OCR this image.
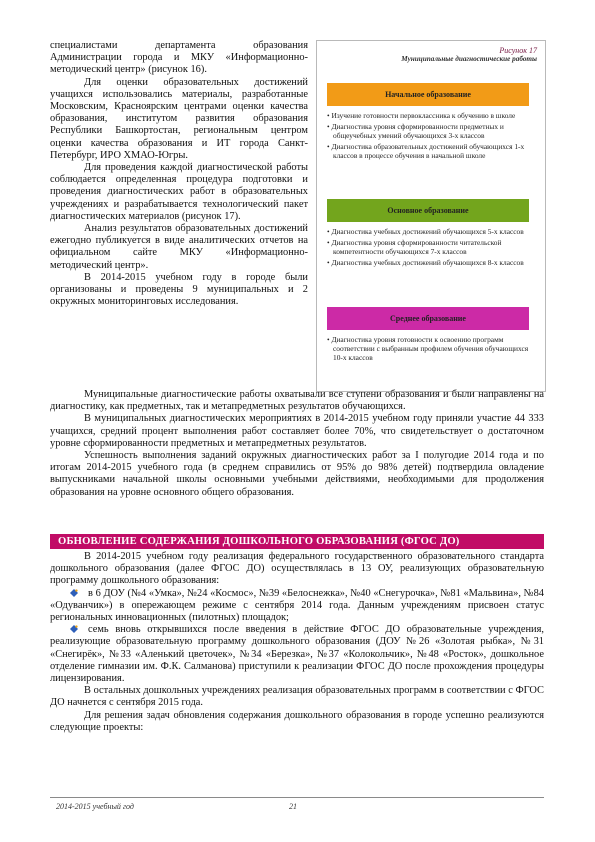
специалистами департамента образования Администрации города и МКУ «Информационно-методический центр» (рисунок 16).

Для оценки образовательных достижений учащихся использовались материалы, разработанные Московским, Красноярским центрами оценки качества образования, институтом развития образования Республики Башкортостан, региональным центром оценки качества образования и ИТ города Санкт-Петербург, ИРО ХМАО-Югры.

Для проведения каждой диагностической работы соблюдается определенная процедура подготовки и проведения диагностических работ в образовательных учреждениях и разрабатывается технологический пакет диагностических материалов (рисунок 17).

Анализ результатов образовательных достижений ежегодно публикуется в виде аналитических отчетов на официальном сайте МКУ «Информационно-методический центр».

В 2014-2015 учебном году в городе были организованы и проведены 9 муниципальных и 2 окружных мониторинговых исследования.

Рисунок 17
Муниципальные диагностические работы
Начальное образование
• Изучение готовности первоклассника к обучению в школе
• Диагностика уровня сформированности предметных и общеучебных умений обучающихся 3-х классов
• Диагностика образовательных достижений обучающихся 1-х классов в процессе обучения в начальной школе
Основное образование
• Диагностика учебных достижений обучающихся 5-х классов
• Диагностика уровня сформированности читательской компетентности обучающихся 7-х классов
• Диагностика учебных достижений обучающихся 8-х классов
Среднее образование
• Диагностика уровня готовности к освоению программ соответствии с выбранным профилем обучения обучающихся 10-х классов

Муниципальные диагностические работы охватывали все ступени образования и были направлены на диагностику, как предметных, так и метапредметных результатов обучающихся.

В муниципальных диагностических мероприятиях в 2014-2015 учебном году приняли участие 44 333 учащихся, средний процент выполнения работ составляет более 70%, что свидетельствует о достаточном уровне сформированности предметных и метапредметных результатов.

Успешность выполнения заданий окружных диагностических работ за I полугодие 2014 года и по итогам 2014-2015 учебного года (в среднем справились от 95% до 98% детей) подтвердила овладение выпускниками начальной школы основными учебными действиями, необходимыми для продолжения образования на уровне основного общего образования.

ОБНОВЛЕНИЕ СОДЕРЖАНИЯ ДОШКОЛЬНОГО ОБРАЗОВАНИЯ (ФГОС ДО)

В 2014-2015 учебном году реализация федерального государственного образовательного стандарта дошкольного образования (далее ФГОС ДО) осуществлялась в 13 ОУ, реализующих образовательную программу дошкольного образования:

в 6 ДОУ (№4 «Умка», №24 «Космос», №39 «Белоснежка», №40 «Снегурочка», №81 «Мальвина», №84 «Одуванчик») в опережающем режиме с сентября 2014 года. Данным учреждениям присвоен статус региональных инновационных (пилотных) площадок;

семь вновь открывшихся после введения в действие ФГОС ДО образовательные учреждения, реализующие образовательную программу дошкольного образования (ДОУ №26 «Золотая рыбка», №31 «Снегирёк», №33 «Аленький цветочек», №34 «Березка», №37 «Колокольчик», №48 «Росток», дошкольное отделение гимназии им. Ф.К. Салманова) приступили к реализации ФГОС ДО после прохождения процедуры лицензирования.

В остальных дошкольных учреждениях реализация образовательных программ в соответствии с ФГОС ДО начнется с сентября 2015 года.

Для решения задач обновления содержания дошкольного образования в городе успешно реализуются следующие проекты:

2014-2015 учебный год	21
